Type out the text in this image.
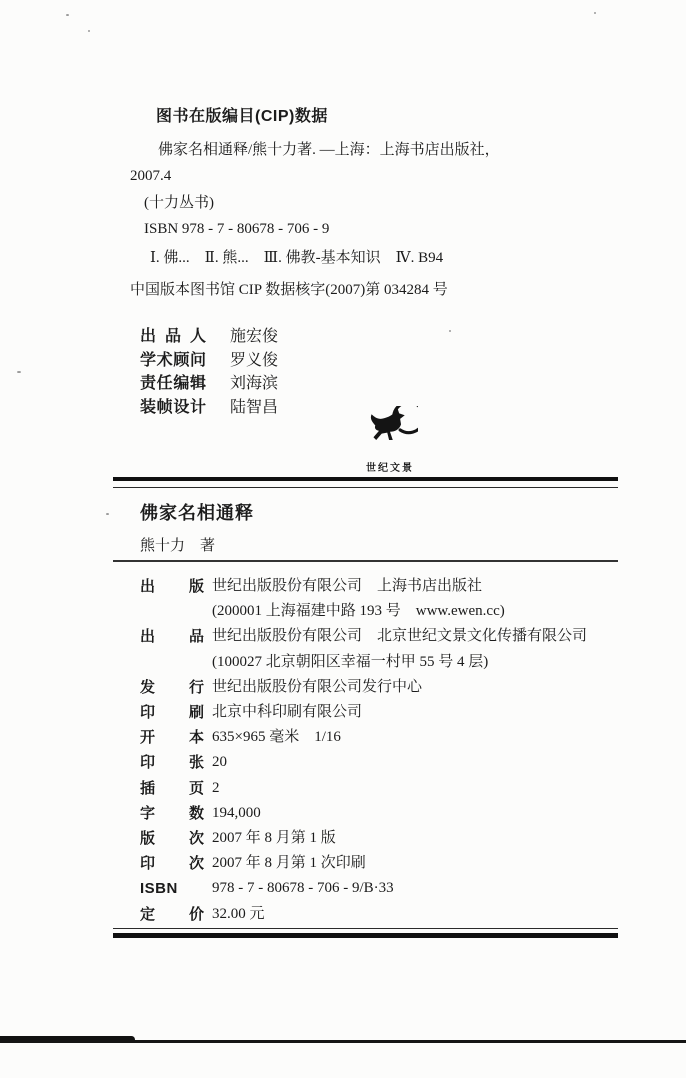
图书在版编目(CIP)数据
佛家名相通释/熊十力著. —上海：上海书店出版社，
2007.4
(十力丛书)
ISBN 978 - 7 - 80678 - 706 - 9
Ⅰ. 佛...　Ⅱ. 熊...　Ⅲ. 佛教-基本知识　Ⅳ. B94
中国版本图书馆 CIP 数据核字(2007)第 034284 号
出品人 施宏俊
学术顾问 罗义俊
责任编辑 刘海滨
装帧设计 陆智昌
世纪文景
佛家名相通释
熊十力　著
出版 世纪出版股份有限公司　上海书店出版社
(200001 上海福建中路 193 号　www.ewen.cc)
出品 世纪出版股份有限公司　北京世纪文景文化传播有限公司
(100027 北京朝阳区幸福一村甲 55 号 4 层)
发行 世纪出版股份有限公司发行中心
印刷 北京中科印刷有限公司
开本 635×965 毫米　1/16
印张 20
插页 2
字数 194,000
版次 2007 年 8 月第 1 版
印次 2007 年 8 月第 1 次印刷
ISBN	978 - 7 - 80678 - 706 - 9/B·33
定价 32.00 元
